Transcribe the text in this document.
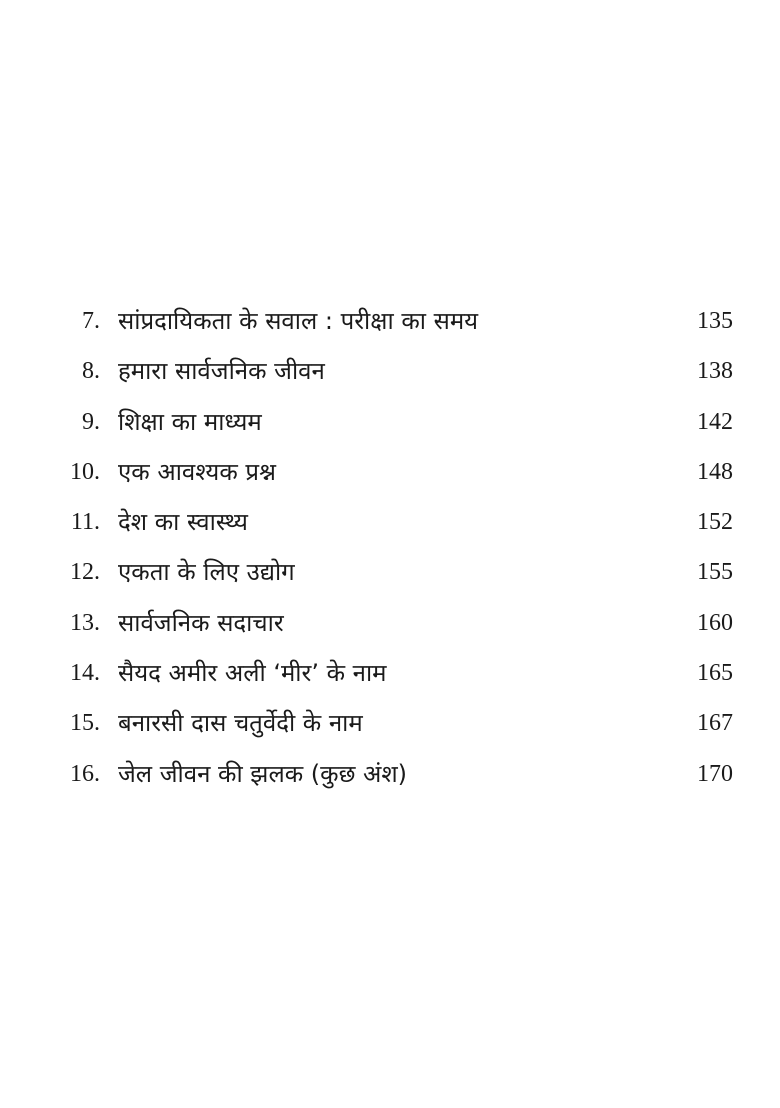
7. सांप्रदायिकता के सवाल : परीक्षा का समय	135
8. हमारा सार्वजनिक जीवन	138
9. शिक्षा का माध्यम	142
10. एक आवश्यक प्रश्न	148
11. देश का स्वास्थ्य	152
12. एकता के लिए उद्योग	155
13. सार्वजनिक सदाचार	160
14. सैयद अमीर अली ‘मीर’ के नाम	165
15. बनारसी दास चतुर्वेदी के नाम	167
16. जेल जीवन की झलक (कुछ अंश)	170
